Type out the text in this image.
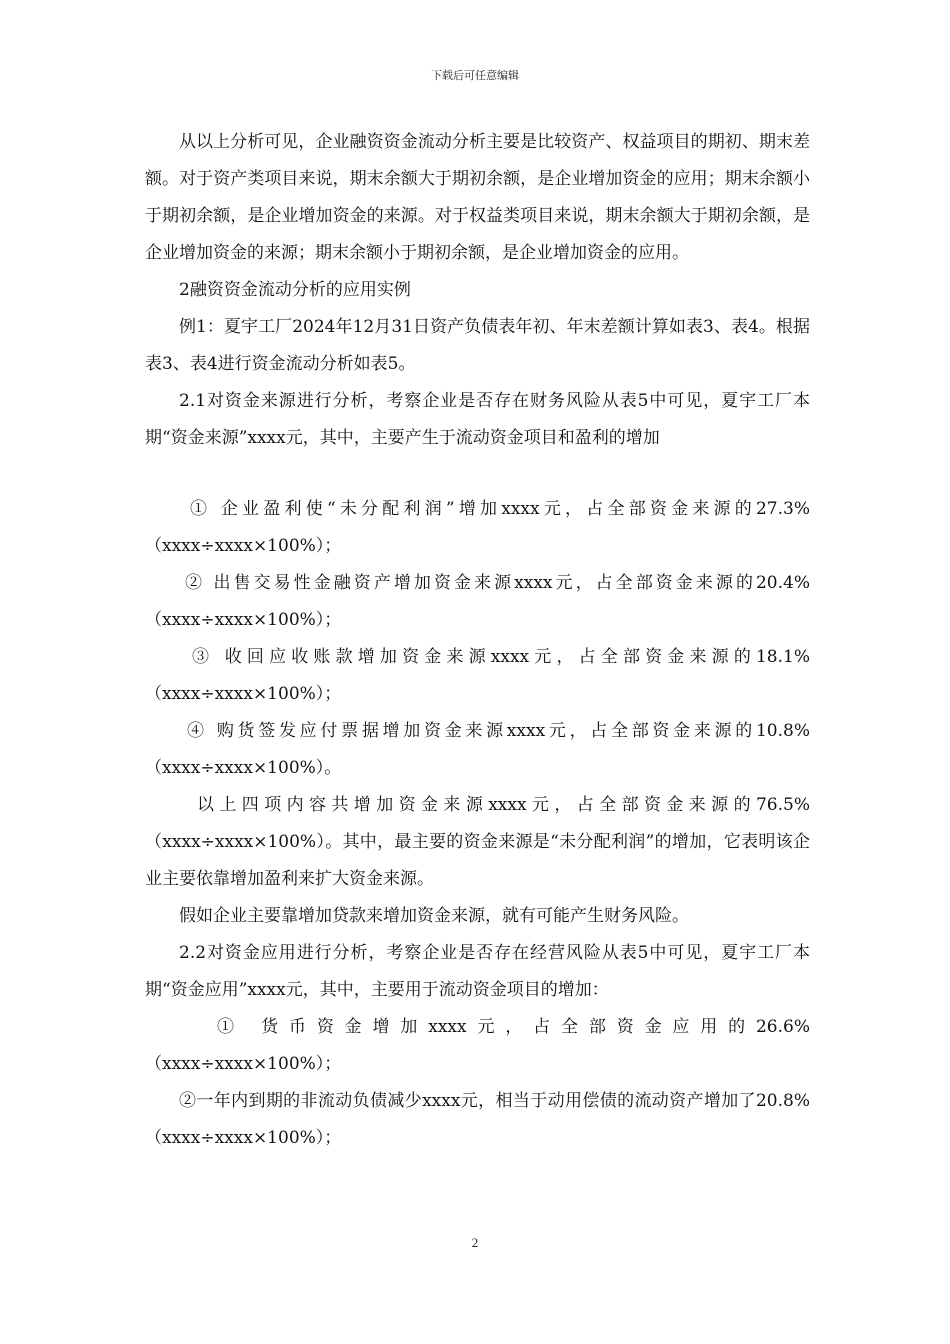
下载后可任意编辑

从以上分析可见，企业融资资金流动分析主要是比较资产、权益项目的期初、期末差额。对于资产类项目来说，期末余额大于期初余额，是企业增加资金的应用；期末余额小于期初余额，是企业增加资金的来源。对于权益类项目来说，期末余额大于期初余额，是企业增加资金的来源；期末余额小于期初余额，是企业增加资金的应用。

2融资资金流动分析的应用实例

例1：夏宇工厂2024年12月31日资产负债表年初、年末差额计算如表3、表4。根据表3、表4进行资金流动分析如表5。

2.1对资金来源进行分析，考察企业是否存在财务风险从表5中可见，夏宇工厂本期“资金来源”xxxx元，其中，主要产生于流动资金项目和盈利的增加

① 企业盈利使“未分配利润”增加xxxx元，占全部资金来源的27.3%

（xxxx÷xxxx×100%）；

② 出售交易性金融资产增加资金来源xxxx元，占全部资金来源的20.4%

（xxxx÷xxxx×100%）；

③ 收回应收账款增加资金来源xxxx元，占全部资金来源的18.1%

（xxxx÷xxxx×100%）；

④ 购货签发应付票据增加资金来源xxxx元，占全部资金来源的10.8%

（xxxx÷xxxx×100%）。

以上四项内容共增加资金来源xxxx元，占全部资金来源的76.5%

（xxxx÷xxxx×100%）。其中，最主要的资金来源是“未分配利润”的增加，它表明该企业主要依靠增加盈利来扩大资金来源。

假如企业主要靠增加贷款来增加资金来源，就有可能产生财务风险。

2.2对资金应用进行分析，考察企业是否存在经营风险从表5中可见，夏宇工厂本期“资金应用”xxxx元，其中，主要用于流动资金项目的增加：

① 货币资金增加xxxx元，占全部资金应用的26.6%

（xxxx÷xxxx×100%）；

②一年内到期的非流动负债减少xxxx元，相当于动用偿债的流动资产增加了20.8%（xxxx÷xxxx×100%）；

2
